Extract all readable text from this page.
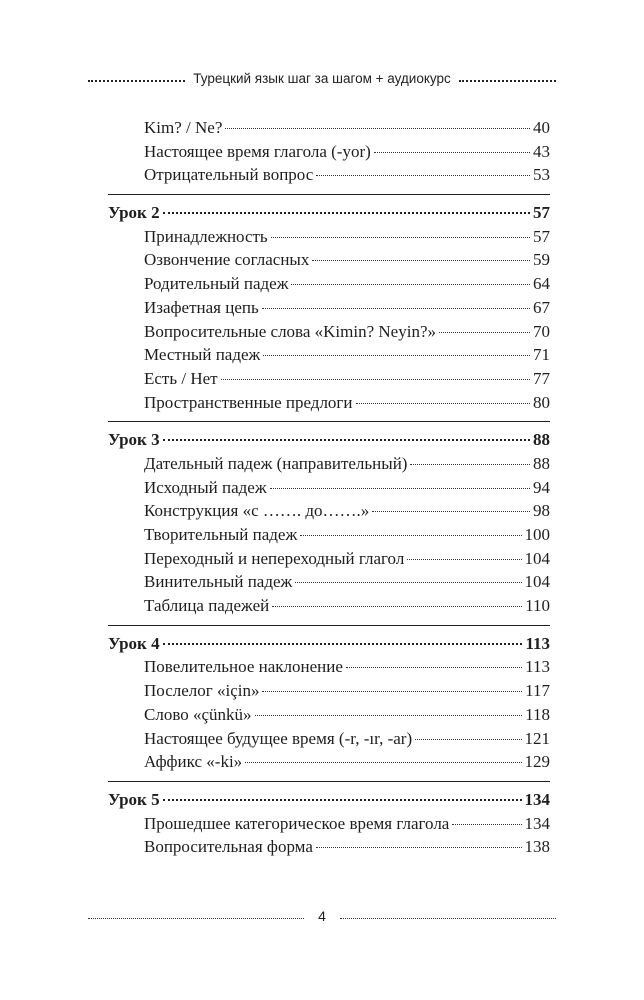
Турецкий язык шаг за шагом + аудиокурс
Kim? / Ne?	40
Настоящее время глагола (-yor)	43
Отрицательный вопрос	53
Урок 2	57
Принадлежность	57
Озвончение согласных	59
Родительный падеж	64
Изафетная цепь	67
Вопросительные слова «Kimin? Neyin?»	70
Местный падеж	71
Есть / Нет	77
Пространственные предлоги	80
Урок 3	88
Дательный падеж (направительный)	88
Исходный падеж	94
Конструкция «с ……. до…….»	98
Творительный падеж	100
Переходный и непереходный глагол	104
Винительный падеж	104
Таблица падежей	110
Урок 4	113
Повелительное наклонение	113
Послелог «için»	117
Слово «çünkü»	118
Настоящее будущее время (-r, -ır, -ar)	121
Аффикс «-ki»	129
Урок 5	134
Прошедшее категорическое время глагола	134
Вопросительная форма	138
4
